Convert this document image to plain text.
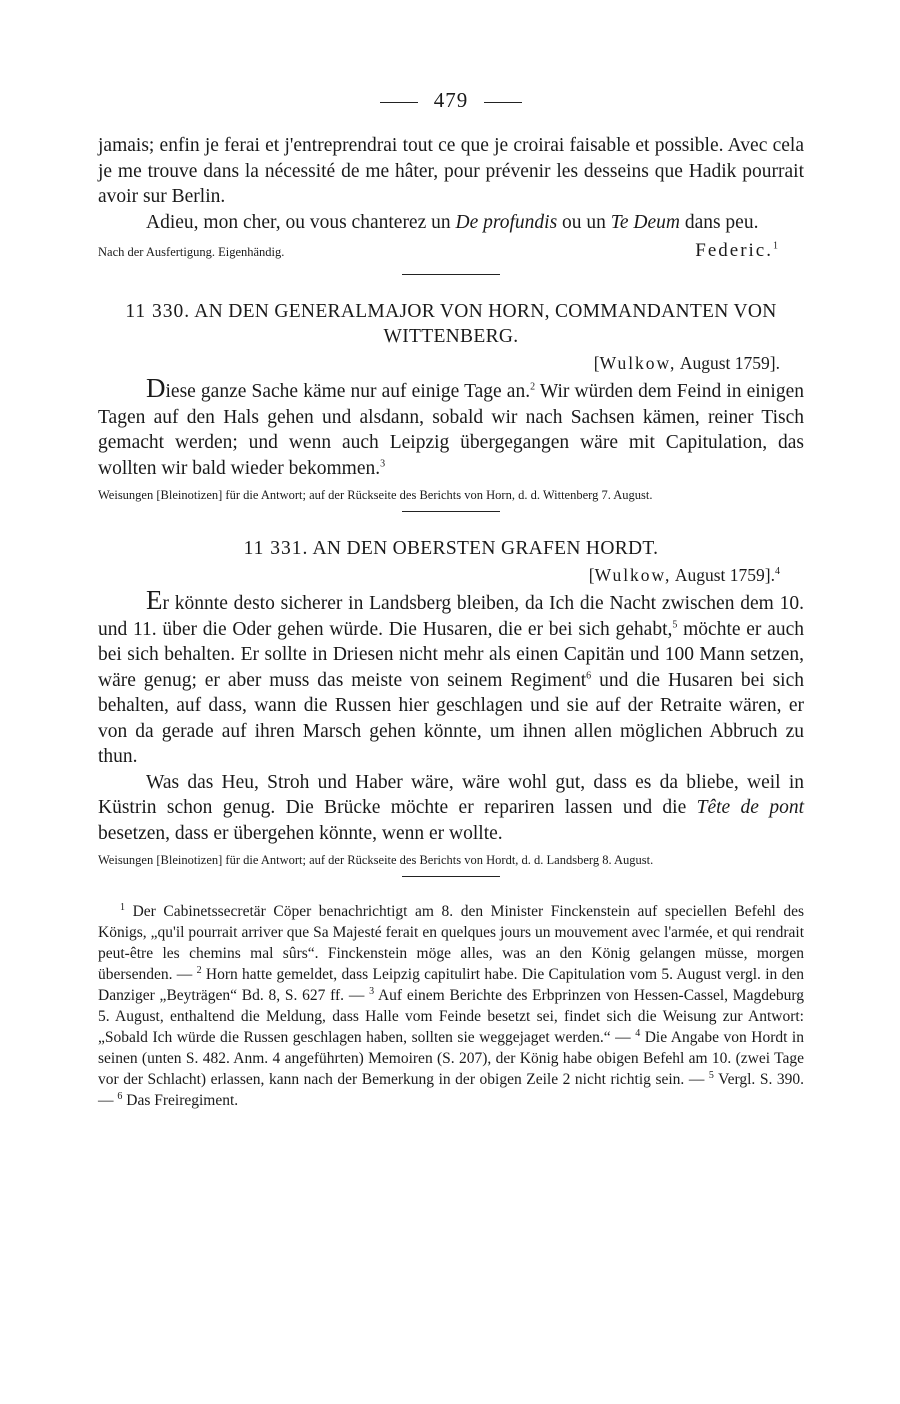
479

jamais; enfin je ferai et j'entreprendrai tout ce que je croirai faisable et possible. Avec cela je me trouve dans la nécessité de me hâter, pour prévenir les desseins que Hadik pourrait avoir sur Berlin.

Adieu, mon cher, ou vous chanterez un De profundis ou un Te Deum dans peu.

Nach der Ausfertigung. Eigenhändig.	Federic.$^1$
11 330. AN DEN GENERALMAJOR VON HORN, COMMANDANTEN VON WITTENBERG.
[Wulkow, August 1759].

Diese ganze Sache käme nur auf einige Tage an.$^2$ Wir würden dem Feind in einigen Tagen auf den Hals gehen und alsdann, sobald wir nach Sachsen kämen, reiner Tisch gemacht werden; und wenn auch Leipzig übergegangen wäre mit Capitulation, das wollten wir bald wieder bekommen.$^3$

Weisungen [Bleinotizen] für die Antwort; auf der Rückseite des Berichts von Horn, d. d. Wittenberg 7. August.
11 331. AN DEN OBERSTEN GRAFEN HORDT.
[Wulkow, August 1759].$^4$

Er könnte desto sicherer in Landsberg bleiben, da Ich die Nacht zwischen dem 10. und 11. über die Oder gehen würde. Die Husaren, die er bei sich gehabt,$^5$ möchte er auch bei sich behalten. Er sollte in Driesen nicht mehr als einen Capitän und 100 Mann setzen, wäre genug; er aber muss das meiste von seinem Regiment$^6$ und die Husaren bei sich behalten, auf dass, wann die Russen hier geschlagen und sie auf der Retraite wären, er von da gerade auf ihren Marsch gehen könnte, um ihnen allen möglichen Abbruch zu thun.

Was das Heu, Stroh und Haber wäre, wäre wohl gut, dass es da bliebe, weil in Küstrin schon genug. Die Brücke möchte er repariren lassen und die Tête de pont besetzen, dass er übergehen könnte, wenn er wollte.

Weisungen [Bleinotizen] für die Antwort; auf der Rückseite des Berichts von Hordt, d. d. Landsberg 8. August.

$^1$ Der Cabinetssecretär Cöper benachrichtigt am 8. den Minister Finckenstein auf speciellen Befehl des Königs, „qu'il pourrait arriver que Sa Majesté ferait en quelques jours un mouvement avec l'armée, et qui rendrait peut-être les chemins mal sûrs“. Finckenstein möge alles, was an den König gelangen müsse, morgen übersenden. — $^2$ Horn hatte gemeldet, dass Leipzig capitulirt habe. Die Capitulation vom 5. August vergl. in den Danziger „Beyträgen“ Bd. 8, S. 627 ff. — $^3$ Auf einem Berichte des Erbprinzen von Hessen-Cassel, Magdeburg 5. August, enthaltend die Meldung, dass Halle vom Feinde besetzt sei, findet sich die Weisung zur Antwort: „Sobald Ich würde die Russen geschlagen haben, sollten sie weggejaget werden.“ — $^4$ Die Angabe von Hordt in seinen (unten S. 482. Anm. 4 angeführten) Memoiren (S. 207), der König habe obigen Befehl am 10. (zwei Tage vor der Schlacht) erlassen, kann nach der Bemerkung in der obigen Zeile 2 nicht richtig sein. — $^5$ Vergl. S. 390. — $^6$ Das Freiregiment.
